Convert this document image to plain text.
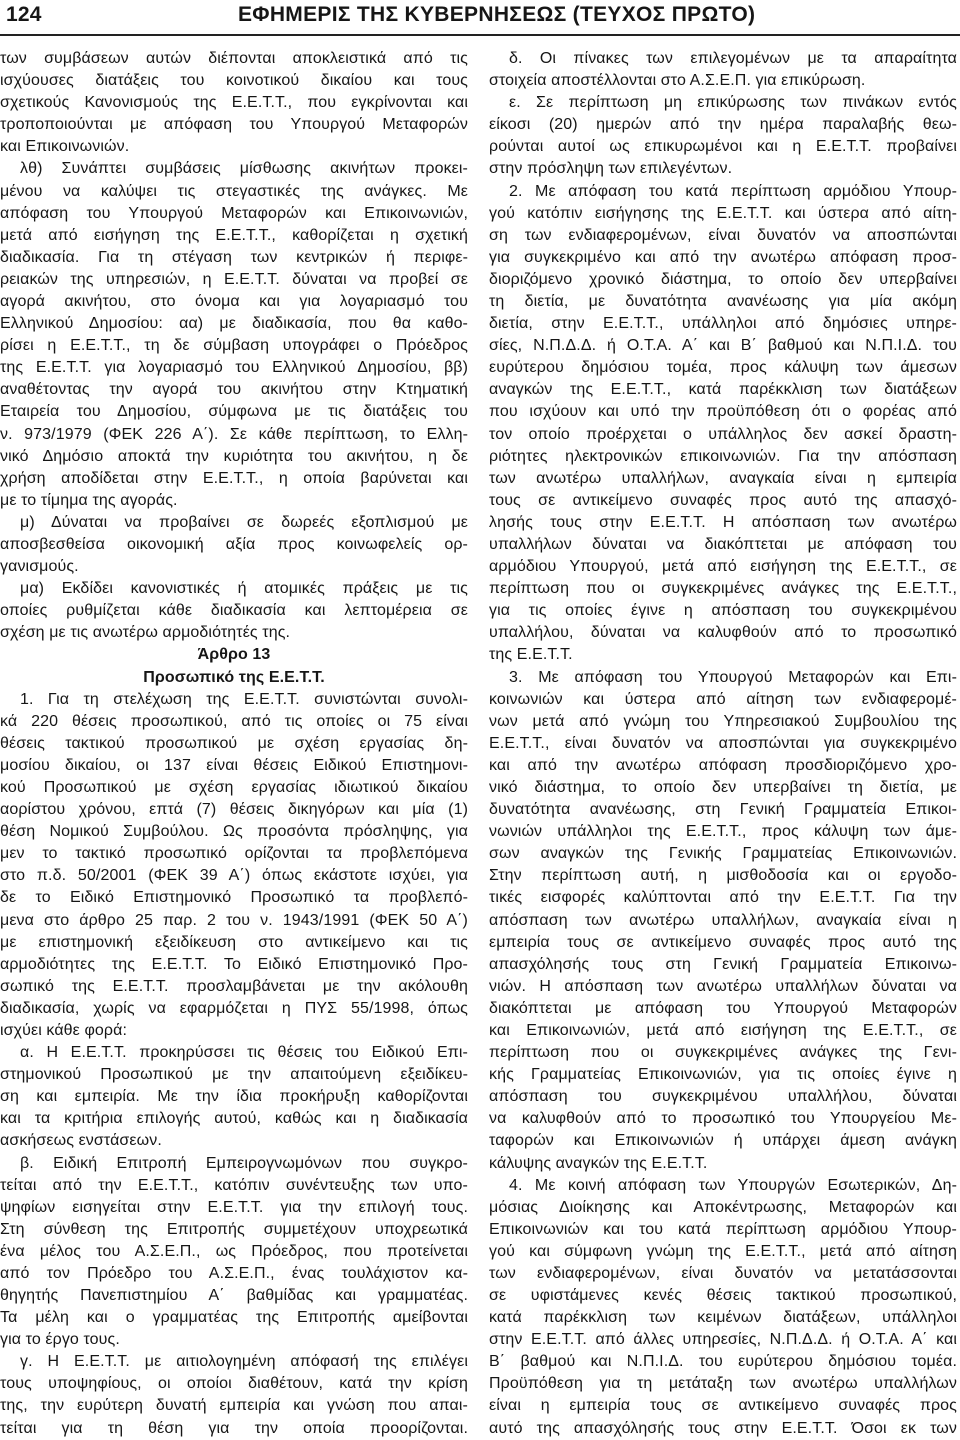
124	ΕΦΗΜΕΡΙΣ ΤΗΣ ΚΥΒΕΡΝΗΣΕΩΣ (ΤΕΥΧΟΣ ΠΡΩΤΟ)
των συμβάσεων αυτών διέπονται αποκλειστικά από τις
ισχύουσες διατάξεις του κοινοτικού δικαίου και τους
σχετικούς Κανονισμούς της Ε.Ε.Τ.Τ., που εγκρίνονται και
τροποποιούνται με απόφαση του Υπουργού Μεταφορών
και Επικοινωνιών.
λθ) Συνάπτει συμβάσεις μίσθωσης ακινήτων προκει-
μένου να καλύψει τις στεγαστικές της ανάγκες. Με
απόφαση του Υπουργού Μεταφορών και Επικοινωνιών,
μετά από εισήγηση της Ε.Ε.Τ.Τ., καθορίζεται η σχετική
διαδικασία. Για τη στέγαση των κεντρικών ή περιφε-
ρειακών της υπηρεσιών, η Ε.Ε.Τ.Τ. δύναται να προβεί σε
αγορά ακινήτου, στο όνομα και για λογαριασμό του
Ελληνικού Δημοσίου: αα) με διαδικασία, που θα καθο-
ρίσει η Ε.Ε.Τ.Τ., τη δε σύμβαση υπογράφει ο Πρόεδρος
της Ε.Ε.Τ.Τ. για λογαριασμό του Ελληνικού Δημοσίου, ββ)
αναθέτοντας την αγορά του ακινήτου στην Κτηματική
Εταιρεία του Δημοσίου, σύμφωνα με τις διατάξεις του
ν. 973/1979 (ΦΕΚ 226 Α΄). Σε κάθε περίπτωση, το Ελλη-
νικό Δημόσιο αποκτά την κυριότητα του ακινήτου, η δε
χρήση αποδίδεται στην Ε.Ε.Τ.Τ., η οποία βαρύνεται και
με το τίμημα της αγοράς.
μ) Δύναται να προβαίνει σε δωρεές εξοπλισμού με
αποσβεσθείσα οικονομική αξία προς κοινωφελείς ορ-
γανισμούς.
μα) Εκδίδει κανονιστικές ή ατομικές πράξεις με τις
οποίες ρυθμίζεται κάθε διαδικασία και λεπτομέρεια σε
σχέση με τις ανωτέρω αρμοδιότητές της.
Άρθρο 13
Προσωπικό της Ε.Ε.Τ.Τ.
1. Για τη στελέχωση της Ε.Ε.Τ.Τ. συνιστώνται συνολι-
κά 220 θέσεις προσωπικού, από τις οποίες οι 75 είναι
θέσεις τακτικού προσωπικού με σχέση εργασίας δη-
μοσίου δικαίου, οι 137 είναι θέσεις Ειδικού Επιστημονι-
κού Προσωπικού με σχέση εργασίας ιδιωτικού δικαίου
αορίστου χρόνου, επτά (7) θέσεις δικηγόρων και μία (1)
θέση Νομικού Συμβούλου. Ως προσόντα πρόσληψης, για
μεν το τακτικό προσωπικό ορίζονται τα προβλεπόμενα
στο π.δ. 50/2001 (ΦΕΚ 39 Α΄) όπως εκάστοτε ισχύει, για
δε το Ειδικό Επιστημονικό Προσωπικό τα προβλεπό-
μενα στο άρθρο 25 παρ. 2 του ν. 1943/1991 (ΦΕΚ 50 Α΄)
με επιστημονική εξειδίκευση στο αντικείμενο και τις
αρμοδιότητες της Ε.Ε.Τ.Τ. Το Ειδικό Επιστημονικό Προ-
σωπικό της Ε.Ε.Τ.Τ. προσλαμβάνεται με την ακόλουθη
διαδικασία, χωρίς να εφαρμόζεται η ΠΥΣ 55/1998, όπως
ισχύει κάθε φορά:
α. Η Ε.Ε.Τ.Τ. προκηρύσσει τις θέσεις του Ειδικού Επι-
στημονικού Προσωπικού με την απαιτούμενη εξειδίκευ-
ση και εμπειρία. Με την ίδια προκήρυξη καθορίζονται
και τα κριτήρια επιλογής αυτού, καθώς και η διαδικασία
ασκήσεως ενστάσεων.
β. Ειδική Επιτροπή Εμπειρογνωμόνων που συγκρο-
τείται από την Ε.Ε.Τ.Τ., κατόπιν συνέντευξης των υπο-
ψηφίων εισηγείται στην Ε.Ε.Τ.Τ. για την επιλογή τους.
Στη σύνθεση της Επιτροπής συμμετέχουν υποχρεωτικά
ένα μέλος του Α.Σ.Ε.Π., ως Πρόεδρος, που προτείνεται
από τον Πρόεδρο του Α.Σ.Ε.Π., ένας τουλάχιστον κα-
θηγητής Πανεπιστημίου Α΄ βαθμίδας και γραμματέας.
Τα μέλη και ο γραμματέας της Επιτροπής αμείβονται
για το έργο τους.
γ. Η Ε.Ε.Τ.Τ. με αιτιολογημένη απόφασή της επιλέγει
τους υποψηφίους, οι οποίοι διαθέτουν, κατά την κρίση
της, την ευρύτερη δυνατή εμπειρία και γνώση που απαι-
τείται για τη θέση για την οποία προορίζονται.
δ. Οι πίνακες των επιλεγομένων με τα απαραίτητα
στοιχεία αποστέλλονται στο Α.Σ.Ε.Π. για επικύρωση.
ε. Σε περίπτωση μη επικύρωσης των πινάκων εντός
είκοσι (20) ημερών από την ημέρα παραλαβής θεω-
ρούνται αυτοί ως επικυρωμένοι και η Ε.Ε.Τ.Τ. προβαίνει
στην πρόσληψη των επιλεγέντων.
2. Με απόφαση του κατά περίπτωση αρμόδιου Υπουρ-
γού κατόπιν εισήγησης της Ε.Ε.Τ.Τ. και ύστερα από αίτη-
ση των ενδιαφερομένων, είναι δυνατόν να αποσπώνται
για συγκεκριμένο και από την ανωτέρω απόφαση προσ-
διοριζόμενο χρονικό διάστημα, το οποίο δεν υπερβαίνει
τη διετία, με δυνατότητα ανανέωσης για μία ακόμη
διετία, στην Ε.Ε.Τ.Τ., υπάλληλοι από δημόσιες υπηρε-
σίες, Ν.Π.Δ.Δ. ή Ο.Τ.Α. Α΄ και Β΄ βαθμού και Ν.Π.Ι.Δ. του
ευρύτερου δημόσιου τομέα, προς κάλυψη των άμεσων
αναγκών της Ε.Ε.Τ.Τ., κατά παρέκκλιση των διατάξεων
που ισχύουν και υπό την προϋπόθεση ότι ο φορέας από
τον οποίο προέρχεται ο υπάλληλος δεν ασκεί δραστη-
ριότητες ηλεκτρονικών επικοινωνιών. Για την απόσπαση
των ανωτέρω υπαλλήλων, αναγκαία είναι η εμπειρία
τους σε αντικείμενο συναφές προς αυτό της απασχό-
λησής τους στην Ε.Ε.Τ.Τ. Η απόσπαση των ανωτέρω
υπαλλήλων δύναται να διακόπτεται με απόφαση του
αρμόδιου Υπουργού, μετά από εισήγηση της Ε.Ε.Τ.Τ., σε
περίπτωση που οι συγκεκριμένες ανάγκες της Ε.Ε.Τ.Τ.,
για τις οποίες έγινε η απόσπαση του συγκεκριμένου
υπαλλήλου, δύναται να καλυφθούν από το προσωπικό
της Ε.Ε.Τ.Τ.
3. Με απόφαση του Υπουργού Μεταφορών και Επι-
κοινωνιών και ύστερα από αίτηση των ενδιαφερομέ-
νων μετά από γνώμη του Υπηρεσιακού Συμβουλίου της
Ε.Ε.Τ.Τ., είναι δυνατόν να αποσπώνται για συγκεκριμένο
και από την ανωτέρω απόφαση προσδιοριζόμενο χρο-
νικό διάστημα, το οποίο δεν υπερβαίνει τη διετία, με
δυνατότητα ανανέωσης, στη Γενική Γραμματεία Επικοι-
νωνιών υπάλληλοι της Ε.Ε.Τ.Τ., προς κάλυψη των άμε-
σων αναγκών της Γενικής Γραμματείας Επικοινωνιών.
Στην περίπτωση αυτή, η μισθοδοσία και οι εργοδο-
τικές εισφορές καλύπτονται από την Ε.Ε.Τ.Τ. Για την
απόσπαση των ανωτέρω υπαλλήλων, αναγκαία είναι η
εμπειρία τους σε αντικείμενο συναφές προς αυτό της
απασχόλησής τους στη Γενική Γραμματεία Επικοινω-
νιών. Η απόσπαση των ανωτέρω υπαλλήλων δύναται να
διακόπτεται με απόφαση του Υπουργού Μεταφορών
και Επικοινωνιών, μετά από εισήγηση της Ε.Ε.Τ.Τ., σε
περίπτωση που οι συγκεκριμένες ανάγκες της Γενι-
κής Γραμματείας Επικοινωνιών, για τις οποίες έγινε η
απόσπαση του συγκεκριμένου υπαλλήλου, δύναται
να καλυφθούν από το προσωπικό του Υπουργείου Με-
ταφορών και Επικοινωνιών ή υπάρχει άμεση ανάγκη
κάλυψης αναγκών της Ε.Ε.Τ.Τ.
4. Με κοινή απόφαση των Υπουργών Εσωτερικών, Δη-
μόσιας Διοίκησης και Αποκέντρωσης, Μεταφορών και
Επικοινωνιών και του κατά περίπτωση αρμόδιου Υπουρ-
γού και σύμφωνη γνώμη της Ε.Ε.Τ.Τ., μετά από αίτηση
των ενδιαφερομένων, είναι δυνατόν να μετατάσσονται
σε υφιστάμενες κενές θέσεις τακτικού προσωπικού,
κατά παρέκκλιση των κειμένων διατάξεων, υπάλληλοι
στην Ε.Ε.Τ.Τ. από άλλες υπηρεσίες, Ν.Π.Δ.Δ. ή Ο.Τ.Α. Α΄ και
Β΄ βαθμού και Ν.Π.Ι.Δ. του ευρύτερου δημόσιου τομέα.
Προϋπόθεση για τη μετάταξη των ανωτέρω υπαλλήλων
είναι η εμπειρία τους σε αντικείμενο συναφές προς
αυτό της απασχόλησής τους στην Ε.Ε.Τ.Τ. Όσοι εκ των
